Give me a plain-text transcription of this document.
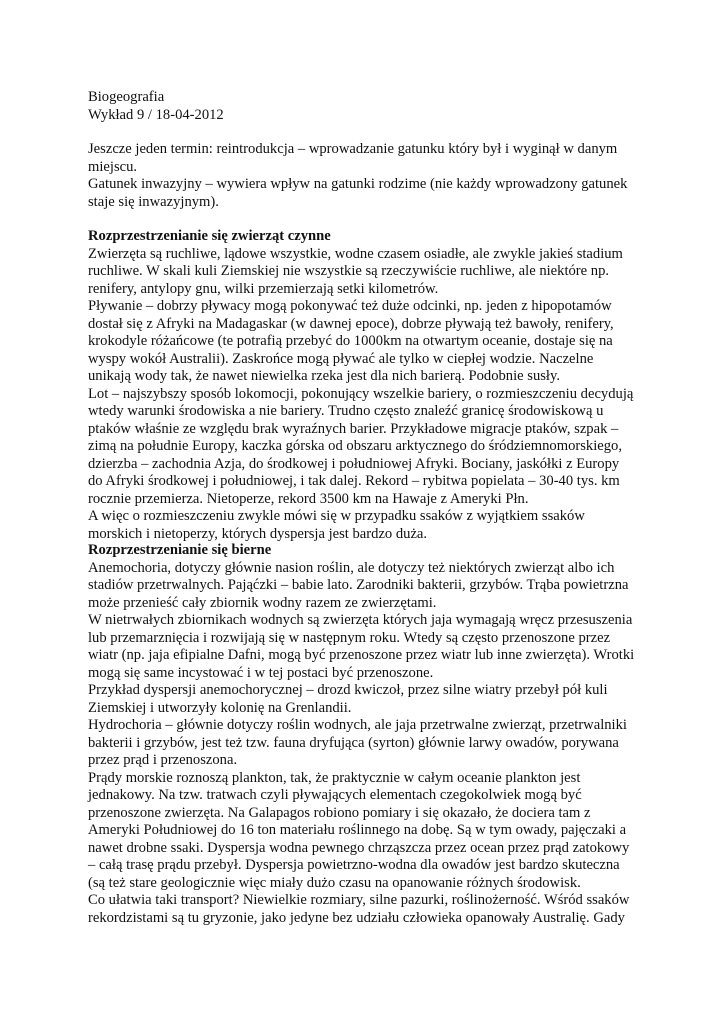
Biogeografia
Wykład 9 / 18-04-2012
Jeszcze jeden termin: reintrodukcja – wprowadzanie gatunku który był i wyginął w danym
miejscu.
Gatunek inwazyjny – wywiera wpływ na gatunki rodzime (nie każdy wprowadzony gatunek
staje się inwazyjnym).
Rozprzestrzenianie się zwierząt czynne
Zwierzęta są ruchliwe, lądowe wszystkie, wodne czasem osiadłe, ale zwykle jakieś stadium
ruchliwe. W skali kuli Ziemskiej nie wszystkie są rzeczywiście ruchliwe, ale niektóre np.
renifery, antylopy gnu, wilki przemierzają setki kilometrów.
Pływanie – dobrzy pływacy mogą pokonywać też duże odcinki, np. jeden z hipopotamów
dostał się z Afryki na Madagaskar (w dawnej epoce), dobrze pływają też bawoły, renifery,
krokodyle różańcowe (te potrafią przebyć do 1000km na otwartym oceanie, dostaje się na
wyspy wokół Australii). Zaskrońce mogą pływać ale tylko w ciepłej wodzie. Naczelne
unikają wody tak, że nawet niewielka rzeka jest dla nich barierą. Podobnie susły.
Lot – najszybszy sposób lokomocji, pokonujący wszelkie bariery, o rozmieszczeniu decydują
wtedy warunki środowiska a nie bariery. Trudno często znaleźć granicę środowiskową u
ptaków właśnie ze względu brak wyraźnych barier. Przykładowe migracje ptaków, szpak –
zimą na południe Europy, kaczka górska od obszaru arktycznego do śródziemnomorskiego,
dzierzba – zachodnia Azja, do środkowej i południowej Afryki. Bociany, jaskółki z Europy
do Afryki środkowej i południowej, i tak dalej. Rekord – rybitwa popielata – 30-40 tys. km
rocznie przemierza. Nietoperze, rekord 3500 km na Hawaje z Ameryki Płn.
A więc o rozmieszczeniu zwykle mówi się w przypadku ssaków z wyjątkiem ssaków
morskich i nietoperzy, których dyspersja jest bardzo duża.
Rozprzestrzenianie się bierne
Anemochoria, dotyczy głównie nasion roślin, ale dotyczy też niektórych zwierząt albo ich
stadiów przetrwalnych. Pająćzki – babie lato. Zarodniki bakterii, grzybów. Trąba powietrzna
może przenieść cały zbiornik wodny razem ze zwierzętami.
W nietrwałych zbiornikach wodnych są zwierzęta których jaja wymagają wręcz przesuszenia
lub przemarznięcia i rozwijają się w następnym roku. Wtedy są często przenoszone przez
wiatr (np. jaja efipialne Dafni, mogą być przenoszone przez wiatr lub inne zwierzęta). Wrotki
mogą się same incystować i w tej postaci być przenoszone.
Przykład dyspersji anemochorycznej – drozd kwiczoł, przez silne wiatry przebył pół kuli
Ziemskiej i utworzyły kolonię na Grenlandii.
Hydrochoria – głównie dotyczy roślin wodnych, ale jaja przetrwalne zwierząt, przetrwalniki
bakterii i grzybów, jest też tzw. fauna dryfująca (syrton) głównie larwy owadów, porywana
przez prąd i przenoszona.
Prądy morskie roznoszą plankton, tak, że praktycznie w całym oceanie plankton jest
jednakowy. Na tzw. tratwach czyli pływających elementach czegokolwiek mogą być
przenoszone zwierzęta. Na Galapagos robiono pomiary i się okazało, że dociera tam z
Ameryki Południowej do 16 ton materiału roślinnego na dobę. Są w tym owady, pajęczaki a
nawet drobne ssaki. Dyspersja wodna pewnego chrząszcza przez ocean przez prąd zatokowy
– całą trasę prądu przebył. Dyspersja powietrzno-wodna dla owadów jest bardzo skuteczna
(są też stare geologicznie więc miały dużo czasu na opanowanie różnych środowisk.
Co ułatwia taki transport? Niewielkie rozmiary, silne pazurki, roślinożerność. Wśród ssaków
rekordzistami są tu gryzonie, jako jedyne bez udziału człowieka opanowały Australię. Gady
